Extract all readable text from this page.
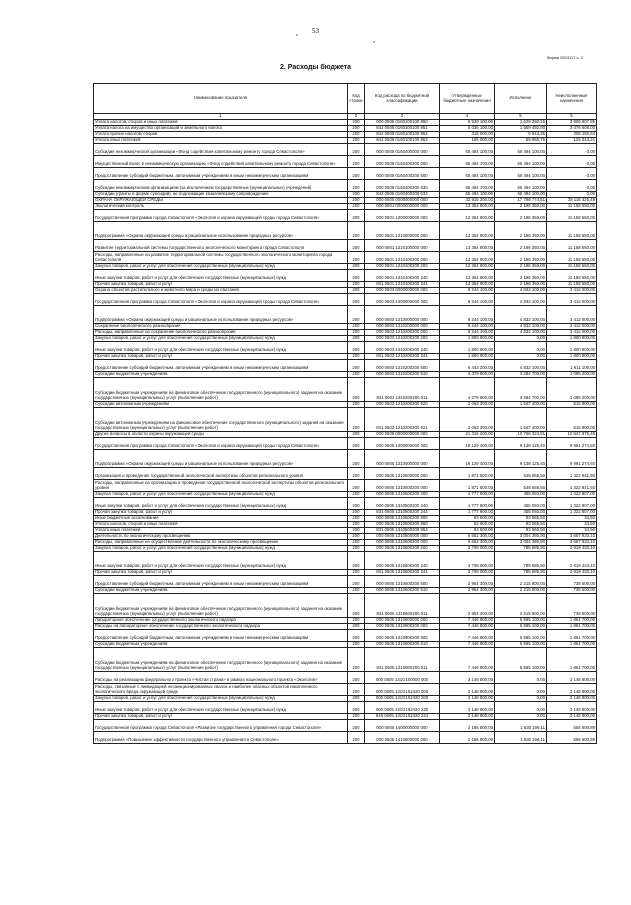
53
Форма 0503117 с. 2
2. Расходы бюджета
Наименование показателя	Код строки	Код расхода по бюджетной классификации	Утвержденные бюджетные назначения	Исполнено	Неисполненные назначения
1	2	3	4	5	6
Уплата налогов, сборов и иных платежей	200	000 0505 0160100100 850	5 539 100,00	1 629 292,15	3 909 807,85
Уплата налога на имущество организаций и земельного налога	200	842 0505 0160100100 851	5 036 100,00	1 559 492,00	3 476 608,00
Уплата прочих налогов, сборов	200	842 0505 0160100100 852	318 000,00	9 844,36	308 155,64
Уплата иных платежей	200	842 0505 0160100100 853	185 000,00	59 955,79	125 044,21
Субсидия некоммерческой организации «Фонд содействия капитальному ремонту города Севастополя»	200	000 0505 0160400000 000	65 494 100,00	65 494 100,00	0,00
Имущественный взнос в некоммерческую организацию «Фонд содействия капитальному ремонту города Севастополя»	200	000 0505 0160400200 000	65 494 100,00	65 494 100,00	0,00
Предоставление субсидий бюджетным, автономным учреждениям и иным некоммерческим организациям	200	000 0505 0160400200 600	65 494 100,00	65 494 100,00	0,00
Субсидии некоммерческим организациям (за исключением государственных (муниципальных) учреждений)	200	000 0505 0160400200 630	65 494 100,00	65 494 100,00	0,00
Субсидии (гранты в форме субсидий), не подлежащие казначейскому сопровождению	200	842 0505 0160400200 633	65 494 100,00	65 494 100,00	0,00
ОХРАНА ОКРУЖАЮЩЕЙ СРЕДЫ	200	000 0600 0000000000 000	42 915 200,00	17 798 774,51	25 116 425,49
Экологический контроль	200	000 0601 0000000000 000	13 354 900,00	2 196 350,00	11 158 550,00
Государственная программа города Севастополя «Экология и охрана окружающей среды города Севастополя»	200	000 0601 1300000000 000	13 354 900,00	2 196 350,00	11 158 550,00
Подпрограмма «Охрана окружающей среды и рациональное использование природных ресурсов»	200	000 0601 1310000000 000	13 354 900,00	2 196 350,00	11 158 550,00
Развитие территориальной системы государственного экологического мониторинга города Севастополя	200	000 0601 1310100000 000	13 354 900,00	2 196 350,00	11 158 550,00
Расходы, направленные на развитие территориальной системы государственного экологического мониторинга города Севастополя	200	000 0601 1310100200 000	13 354 900,00	2 196 350,00	11 158 550,00
Закупка товаров, работ и услуг для обеспечения государственных (муниципальных) нужд	200	000 0601 1310100200 200	13 354 900,00	2 196 350,00	11 158 550,00
Иные закупки товаров, работ и услуг для обеспечения государственных (муниципальных) нужд	200	000 0601 1310100200 240	13 354 900,00	2 196 350,00	11 158 550,00
Прочая закупка товаров, работ и услуг	200	831 0601 1310100200 244	13 354 900,00	2 196 350,00	11 158 550,00
Охрана объектов растительного и животного мира и среды их обитания	200	000 0603 0000000000 000	8 244 100,00	4 832 100,00	3 412 000,00
Государственная программа города Севастополя «Экология и охрана окружающей среды города Севастополя»	200	000 0603 1300000000 000	8 244 100,00	4 832 100,00	3 412 000,00
Подпрограмма «Охрана окружающей среды и рациональное использование природных ресурсов»	200	000 0603 1310000000 000	8 244 100,00	4 832 100,00	3 412 000,00
Сохранение биологического разнообразия	200	000 0603 1310200000 000	8 244 100,00	4 832 100,00	3 412 000,00
Расходы, направленные на сохранение биологического разнообразия	200	000 0603 1310200200 000	8 244 100,00	4 832 100,00	3 412 000,00
Закупка товаров, работ и услуг для обеспечения государственных (муниципальных) нужд	200	000 0603 1310200200 200	1 800 900,00	0,00	1 800 900,00
Иные закупки товаров, работ и услуг для обеспечения государственных (муниципальных) нужд	200	000 0603 1310200200 240	1 800 900,00	0,00	1 800 900,00
Прочая закупка товаров, работ и услуг	200	831 0603 1310200200 244	1 800 900,00	0,00	1 800 900,00
Предоставление субсидий бюджетным, автономным учреждениям и иным некоммерческим организациям	200	000 0603 1310200200 600	6 443 200,00	4 832 100,00	1 611 100,00
Субсидии бюджетным учреждениям	200	000 0603 1310200200 610	4 379 900,00	3 284 700,00	1 095 200,00
Субсидии бюджетным учреждениям на финансовое обеспечение государственного (муниципального) задания на оказание государственных (муниципальных) услуг (выполнение работ)	200	831 0603 1310200200 611	4 379 900,00	3 284 700,00	1 095 200,00
Субсидии автономным учреждениям	200	000 0603 1310200200 620	2 063 300,00	1 547 400,00	515 900,00
Субсидии автономным учреждениям на финансовое обеспечение государственного (муниципального) задания на оказание государственных (муниципальных) услуг (выполнение работ)	200	831 0603 1310200200 621	2 063 300,00	1 547 400,00	515 900,00
Другие вопросы в области охраны окружающей среды	200	000 0605 0000000000 000	21 316 200,00	10 768 324,51	10 547 875,49
Государственная программа города Севастополя «Экология и охрана окружающей среды города Севастополя»	200	000 0605 1300000000 000	19 129 400,00	9 138 125,40	9 991 274,60
Подпрограмма «Охрана окружающей среды и рациональное использование природных ресурсов»	200	000 0605 1310000000 000	19 129 400,00	9 138 125,40	9 991 274,60
Организация и проведение государственной экологической экспертизы объектов регионального уровня	200	000 0605 1310500000 000	1 871 500,00	548 658,50	1 322 841,50
Расходы, направленные на организацию и проведение государственной экологической экспертизы объектов регионального уровня	200	000 0605 1310500200 000	1 871 500,00	548 658,50	1 322 841,50
Закупка товаров, работ и услуг для обеспечения государственных (муниципальных) нужд	200	000 0605 1310500200 200	1 777 900,00	455 093,00	1 322 807,00
Иные закупки товаров, работ и услуг для обеспечения государственных (муниципальных) нужд	200	000 0605 1310500200 240	1 777 900,00	455 093,00	1 322 807,00
Прочая закупка товаров, работ и услуг	200	831 0605 1310500200 244	1 777 900,00	455 093,00	1 322 807,00
Иные бюджетные ассигнования	200	000 0605 1310500200 800	93 600,00	93 565,50	34,50
Уплата налогов, сборов и иных платежей	200	000 0605 1310500200 850	93 600,00	93 565,50	34,50
Уплата иных платежей	200	831 0605 1310500200 853	93 600,00	93 565,50	34,50
Деятельность по экологическому просвещению	200	000 0605 1310600000 000	6 662 300,00	3 004 386,90	3 657 933,10
Расходы, направленные на осуществление деятельности по экологическому просвещению	200	000 0605 1310600200 000	6 662 300,00	3 004 386,90	3 657 933,10
Закупка товаров, работ и услуг для обеспечения государственных (муниципальных) нужд	200	000 0605 1310600200 200	3 708 000,00	788 586,90	2 919 433,10
Иные закупки товаров, работ и услуг для обеспечения государственных (муниципальных) нужд	200	000 0605 1310600200 240	3 708 000,00	788 586,90	2 919 433,10
Прочая закупка товаров, работ и услуг	200	831 0605 1310600200 244	3 708 000,00	788 586,90	2 919 433,10
Предоставление субсидий бюджетным, автономным учреждениям и иным некоммерческим организациям	200	000 0605 1310600200 600	2 954 300,00	2 215 800,00	738 500,00
Субсидии бюджетным учреждениям	200	000 0605 1310600200 610	2 954 300,00	2 215 800,00	738 500,00
Субсидии бюджетным учреждениям на финансовое обеспечение государственного (муниципального) задания на оказание государственных (муниципальных) услуг (выполнение работ)	200	831 0605 1310600200 611	2 954 300,00	2 215 800,00	738 500,00
Лабораторное обеспечение государственного экологического надзора	200	000 0605 1310900000 000	7 446 800,00	5 585 100,00	1 861 700,00
Расходы на лабораторное обеспечение государственного экологического надзора	200	000 0605 1310900200 000	7 446 800,00	5 585 100,00	1 861 700,00
Предоставление субсидий бюджетным, автономным учреждениям и иным некоммерческим организациям	200	000 0605 1310900200 600	7 446 800,00	5 585 100,00	1 861 700,00
Субсидии бюджетным учреждениям	200	000 0605 1310900200 610	7 446 800,00	5 585 100,00	1 861 700,00
Субсидии бюджетным учреждениям на финансовое обеспечение государственного (муниципального) задания на оказание государственных (муниципальных) услуг (выполнение работ)	200	831 0605 1310900200 611	7 446 800,00	5 585 100,00	1 861 700,00
Расходы на реализацию федерального проекта «Чистая страна» в рамках национального проекта «Экология»	200	000 0605 131G100000 000	3 148 800,00	0,00	3 148 800,00
Расходы, связанные с ликвидацией несанкционированных свалок и наиболее опасных объектов накопленного экологического вреда окружающей среде	200	000 0605 131G152420 000	3 148 800,00	0,00	3 148 800,00
Закупка товаров, работ и услуг для обеспечения государственных (муниципальных) нужд	200	000 0605 131G152420 200	3 148 800,00	0,00	3 148 800,00
Иные закупки товаров, работ и услуг для обеспечения государственных (муниципальных) нужд	200	000 0605 131G152420 240	3 148 800,00	0,00	3 148 800,00
Прочая закупка товаров, работ и услуг	200	848 0605 131G152420 244	3 148 800,00	0,00	3 148 800,00
Государственная программа города Севастополя «Развитие государственного управления города Севастополя»	200	000 0605 1400000000 000	2 186 800,00	1 630 199,11	556 600,89
Подпрограмма «Повышение эффективности государственного управления в Севастополе»	200	000 0605 1410000000 000	2 186 800,00	1 630 199,11	556 600,89
